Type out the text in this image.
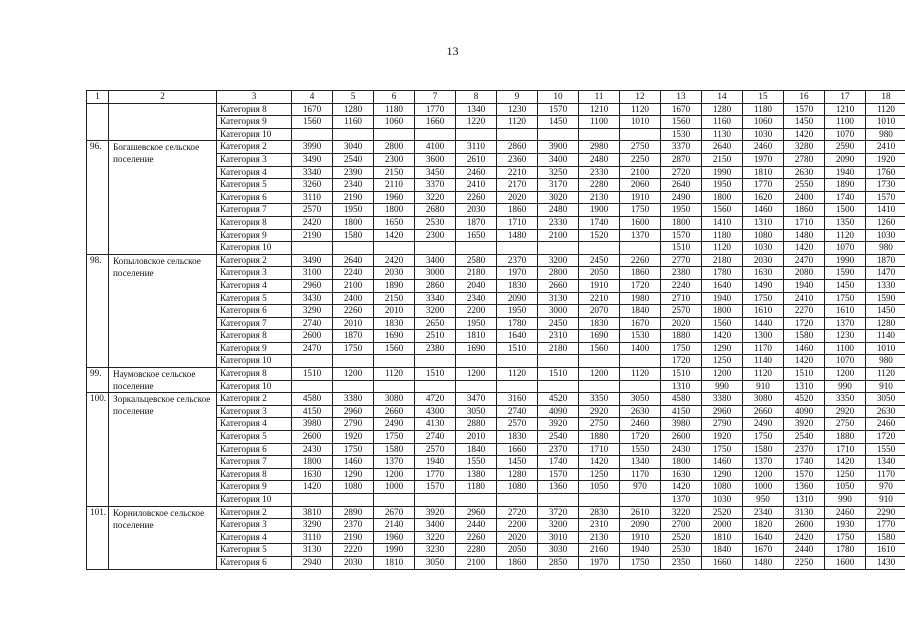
13
1	2	3	4	5	6	7	8	9	10	11	12	13	14	15	16	17	18
		Категория 8	1670	1280	1180	1770	1340	1230	1570	1210	1120	1670	1280	1180	1570	1210	1120
		Категория 9	1560	1160	1060	1660	1220	1120	1450	1100	1010	1560	1160	1060	1450	1100	1010
		Категория 10										1530	1130	1030	1420	1070	980
96.	Богашевское сельское поселение	Категория 2	3990	3040	2800	4100	3110	2860	3900	2980	2750	3370	2640	2460	3280	2590	2410
		Категория 3	3490	2540	2300	3600	2610	2360	3400	2480	2250	2870	2150	1970	2780	2090	1920
		Категория 4	3340	2390	2150	3450	2460	2210	3250	2330	2100	2720	1990	1810	2630	1940	1760
		Категория 5	3260	2340	2110	3370	2410	2170	3170	2280	2060	2640	1950	1770	2550	1890	1730
		Категория 6	3110	2190	1960	3220	2260	2020	3020	2130	1910	2490	1800	1620	2400	1740	1570
		Категория 7	2570	1950	1800	2680	2030	1860	2480	1900	1750	1950	1560	1460	1860	1500	1410
		Категория 8	2420	1800	1650	2530	1870	1710	2330	1740	1600	1800	1410	1310	1710	1350	1260
		Категория 9	2190	1580	1420	2300	1650	1480	2100	1520	1370	1570	1180	1080	1480	1120	1030
		Категория 10										1510	1120	1030	1420	1070	980
98.	Копыловское сельское поселение	Категория 2	3490	2640	2420	3400	2580	2370	3200	2450	2260	2770	2180	2030	2470	1990	1870
		Категория 3	3100	2240	2030	3000	2180	1970	2800	2050	1860	2380	1780	1630	2080	1590	1470
		Категория 4	2960	2100	1890	2860	2040	1830	2660	1910	1720	2240	1640	1490	1940	1450	1330
		Категория 5	3430	2400	2150	3340	2340	2090	3130	2210	1980	2710	1940	1750	2410	1750	1590
		Категория 6	3290	2260	2010	3200	2200	1950	3000	2070	1840	2570	1800	1610	2270	1610	1450
		Категория 7	2740	2010	1830	2650	1950	1780	2450	1830	1670	2020	1560	1440	1720	1370	1280
		Категория 8	2600	1870	1690	2510	1810	1640	2310	1690	1530	1880	1420	1300	1580	1230	1140
		Категория 9	2470	1750	1560	2380	1690	1510	2180	1560	1400	1750	1290	1170	1460	1100	1010
		Категория 10										1720	1250	1140	1420	1070	980
99.	Наумовское сельское поселение	Категория 8	1510	1200	1120	1510	1200	1120	1510	1200	1120	1510	1200	1120	1510	1200	1120
		Категория 10										1310	990	910	1310	990	910
100.	Зоркальцевское сельское поселение	Категория 2	4580	3380	3080	4720	3470	3160	4520	3350	3050	4580	3380	3080	4520	3350	3050
		Категория 3	4150	2960	2660	4300	3050	2740	4090	2920	2630	4150	2960	2660	4090	2920	2630
		Категория 4	3980	2790	2490	4130	2880	2570	3920	2750	2460	3980	2790	2490	3920	2750	2460
		Категория 5	2600	1920	1750	2740	2010	1830	2540	1880	1720	2600	1920	1750	2540	1880	1720
		Категория 6	2430	1750	1580	2570	1840	1660	2370	1710	1550	2430	1750	1580	2370	1710	1550
		Категория 7	1800	1460	1370	1940	1550	1450	1740	1420	1340	1800	1460	1370	1740	1420	1340
		Категория 8	1630	1290	1200	1770	1380	1280	1570	1250	1170	1630	1290	1200	1570	1250	1170
		Категория 9	1420	1080	1000	1570	1180	1080	1360	1050	970	1420	1080	1000	1360	1050	970
		Категория 10										1370	1030	950	1310	990	910
101.	Корниловское сельское поселение	Категория 2	3810	2890	2670	3920	2960	2720	3720	2830	2610	3220	2520	2340	3130	2460	2290
		Категория 3	3290	2370	2140	3400	2440	2200	3200	2310	2090	2700	2000	1820	2600	1930	1770
		Категория 4	3110	2190	1960	3220	2260	2020	3010	2130	1910	2520	1810	1640	2420	1750	1580
		Категория 5	3130	2220	1990	3230	2280	2050	3030	2160	1940	2530	1840	1670	2440	1780	1610
		Категория 6	2940	2030	1810	3050	2100	1860	2850	1970	1750	2350	1660	1480	2250	1600	1430
